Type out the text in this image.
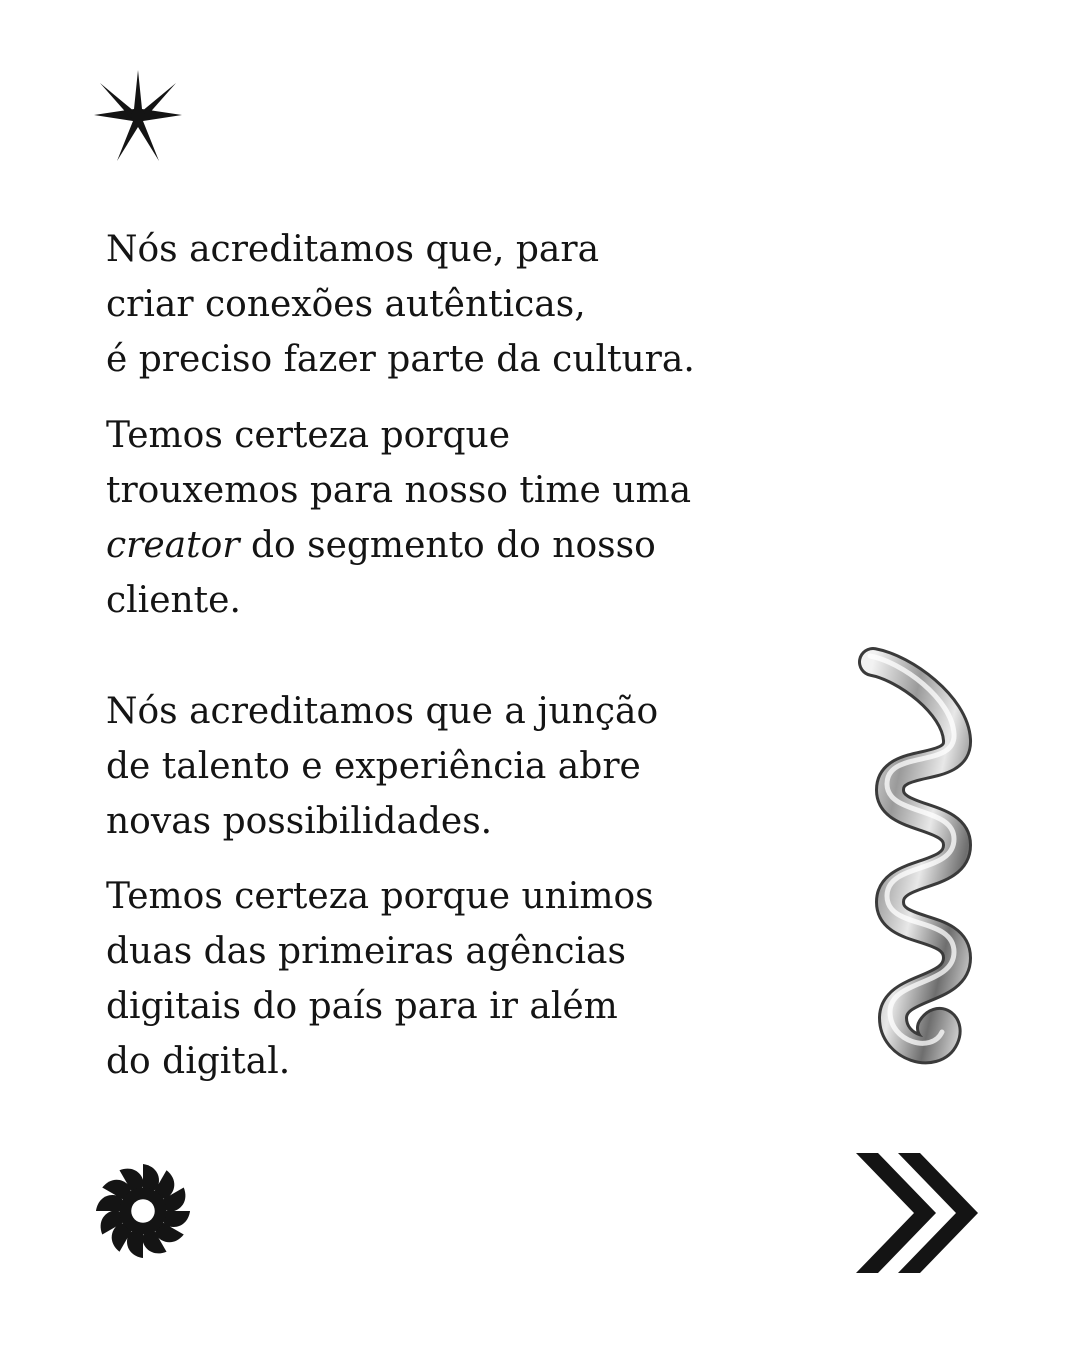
Nós acreditamos que, para
criar conexões autênticas,
é preciso fazer parte da cultura.

Temos certeza porque
trouxemos para nosso time uma
creator do segmento do nosso
cliente.

Nós acreditamos que a junção
de talento e experiência abre
novas possibilidades.

Temos certeza porque unimos
duas das primeiras agências
digitais do país para ir além
do digital.
